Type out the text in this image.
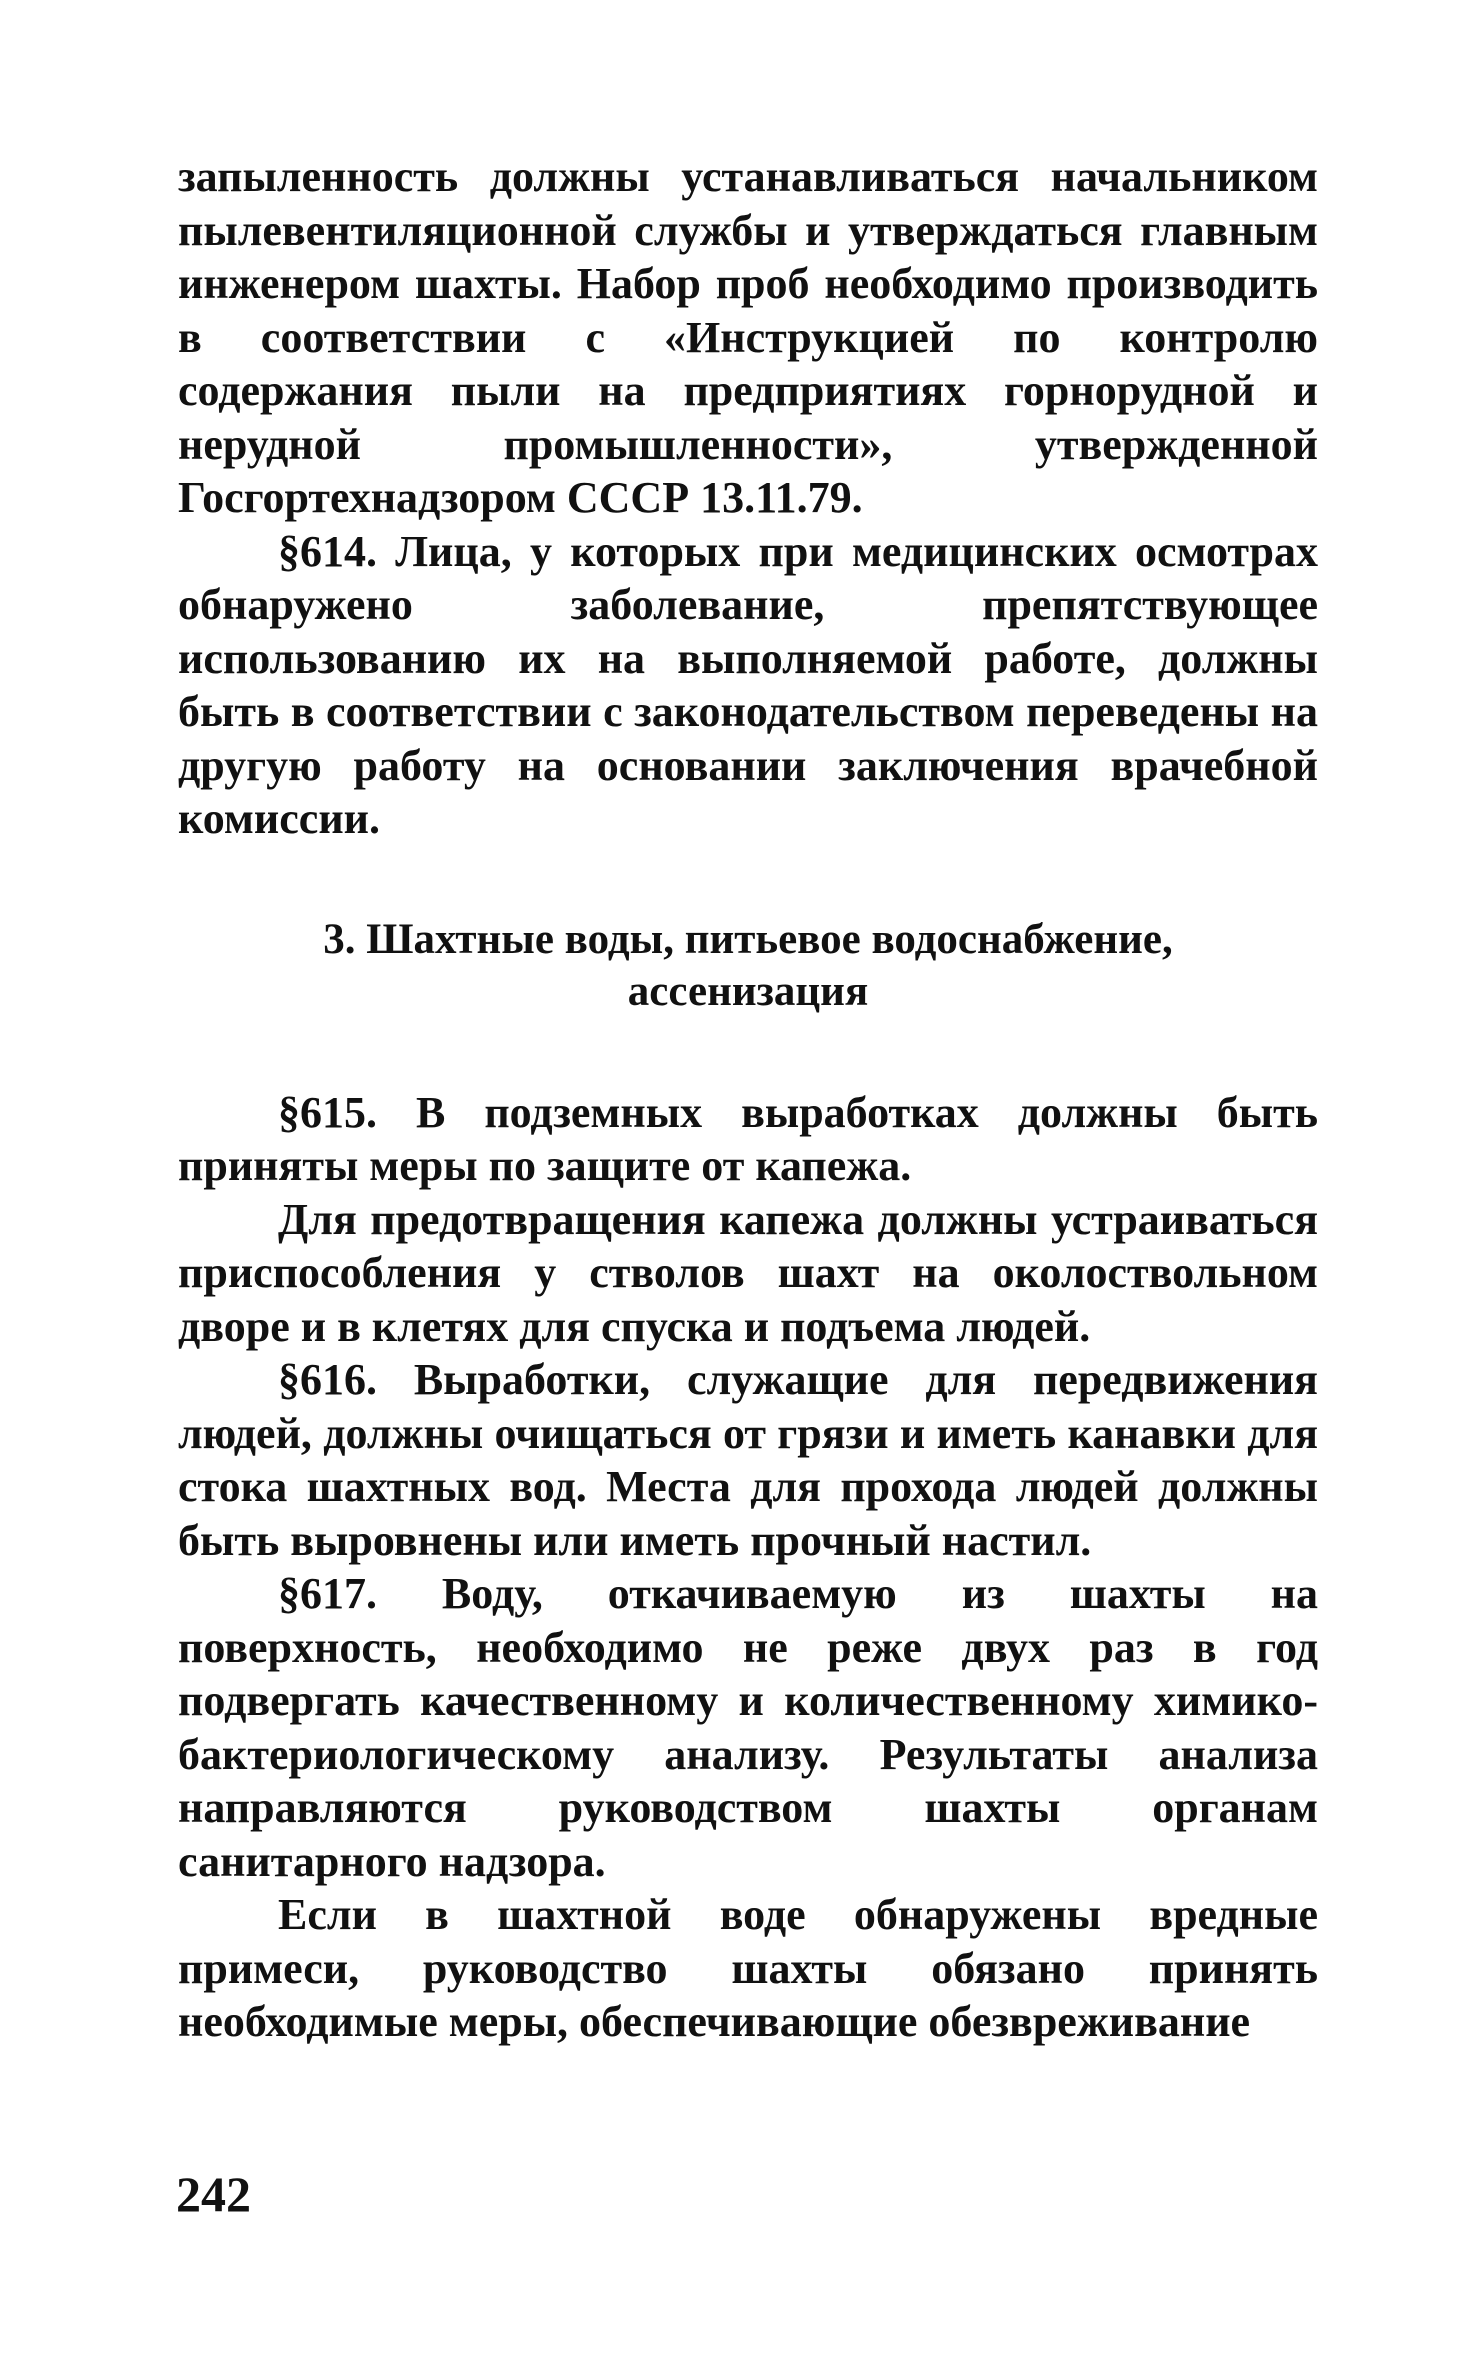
запыленность должны устанавливаться начальником пылевентиляционной службы и утверждаться главным инженером шахты. Набор проб необходимо производить в соответствии с «Инструкцией по контролю содержания пыли на предприятиях горнорудной и нерудной промышленности», утвержденной Госгортехнадзором СССР 13.11.79.

§614. Лица, у которых при медицинских осмотрах обнаружено заболевание, препятствующее использованию их на выполняемой работе, должны быть в соответствии с законодательством переведены на другую работу на основании заключения врачебной комиссии.

3. Шахтные воды, питьевое водоснабжение,
ассенизация

§615. В подземных выработках должны быть приняты меры по защите от капежа.

Для предотвращения капежа должны устраиваться приспособления у стволов шахт на околоствольном дворе и в клетях для спуска и подъема людей.

§616. Выработки, служащие для передвижения людей, должны очищаться от грязи и иметь канавки для стока шахтных вод. Места для прохода людей должны быть выровнены или иметь прочный настил.

§617. Воду, откачиваемую из шахты на поверхность, необходимо не реже двух раз в год подвергать качественному и количественному химико-бактериологическому анализу. Результаты анализа направляются руководством шахты органам санитарного надзора.

Если в шахтной воде обнаружены вредные примеси, руководство шахты обязано принять необходимые меры, обеспечивающие обезвреживание

242
